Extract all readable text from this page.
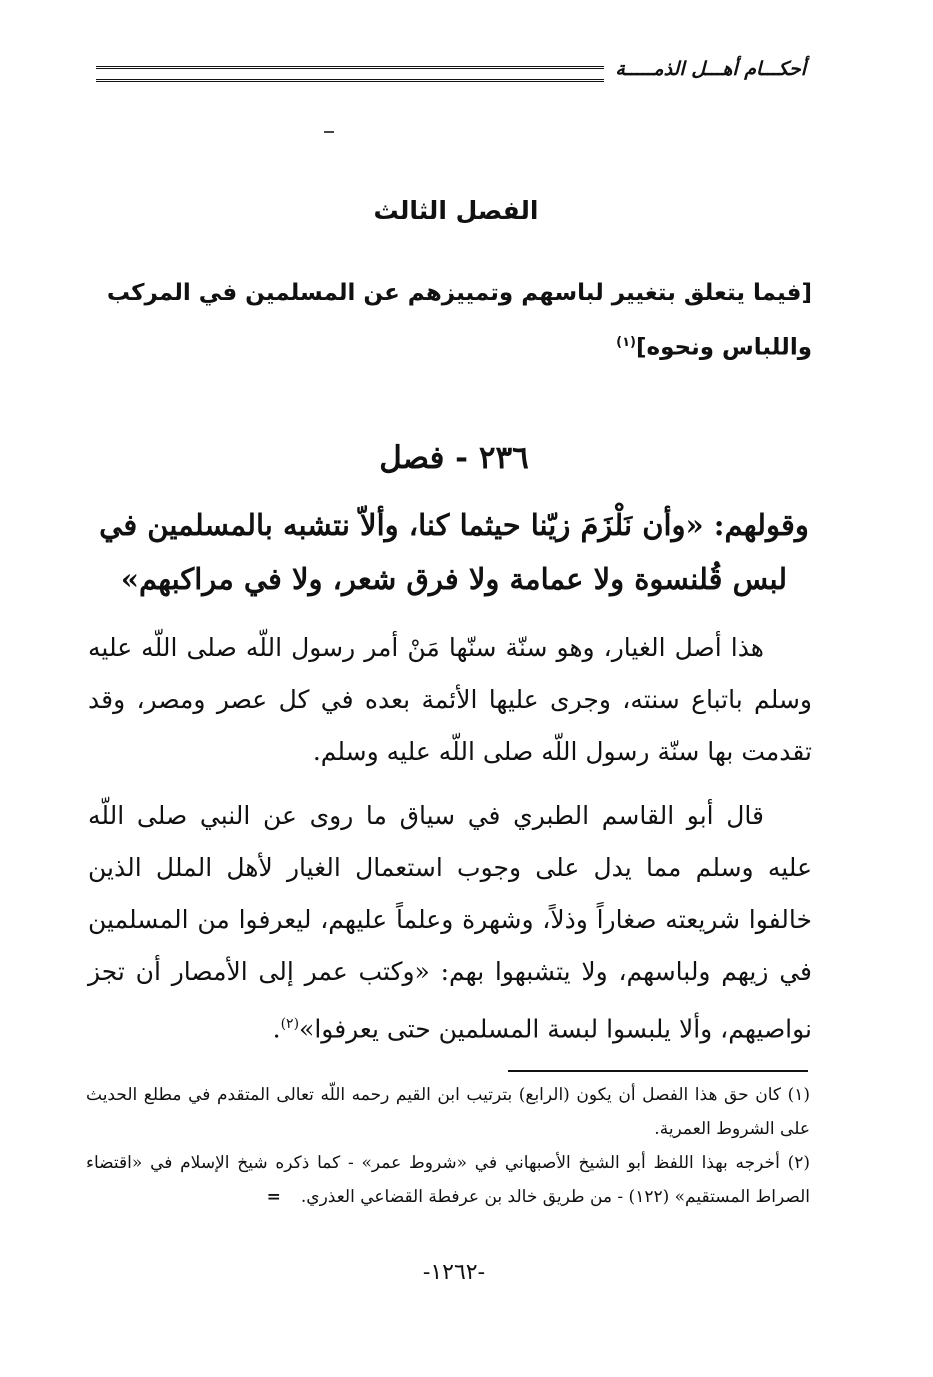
أحكـــام أهـــل الذمـــــة
الفصل الثالث
[فيما يتعلق بتغيير لباسهم وتمييزهم عن المسلمين في المركب واللباس ونحوه]$^{(١)}$
٢٣٦ - فصل
وقولهم: «وأن نَلْزَمَ زيّنا حيثما كنا، وألاّ نتشبه بالمسلمين في لبس قُلنسوة ولا عمامة ولا فرق شعر، ولا في مراكبهم»

هذا أصل الغيار، وهو سنّة سنّها مَنْ أمر رسول اللّه صلى اللّه عليه وسلم باتباع سنته، وجرى عليها الأئمة بعده في كل عصر ومصر، وقد تقدمت بها سنّة رسول اللّه صلى اللّه عليه وسلم.

قال أبو القاسم الطبري في سياق ما روى عن النبي صلى اللّه عليه وسلم مما يدل على وجوب استعمال الغيار لأهل الملل الذين خالفوا شريعته صغاراً وذلاً، وشهرة وعلماً عليهم، ليعرفوا من المسلمين في زيهم ولباسهم، ولا يتشبهوا بهم: «وكتب عمر إلى الأمصار أن تجز نواصيهم، وألا يلبسوا لبسة المسلمين حتى يعرفوا»$^{(٢)}$.

(١) كان حق هذا الفصل أن يكون (الرابع) بترتيب ابن القيم رحمه اللّه تعالى المتقدم في مطلع الحديث على الشروط العمرية.

(٢) أخرجه بهذا اللفظ أبو الشيخ الأصبهاني في «شروط عمر» - كما ذكره شيخ الإسلام في «اقتضاء الصراط المستقيم» (١٢٢) - من طريق خالد بن عرفطة القضاعي العذري.=

-١٢٦٢-
